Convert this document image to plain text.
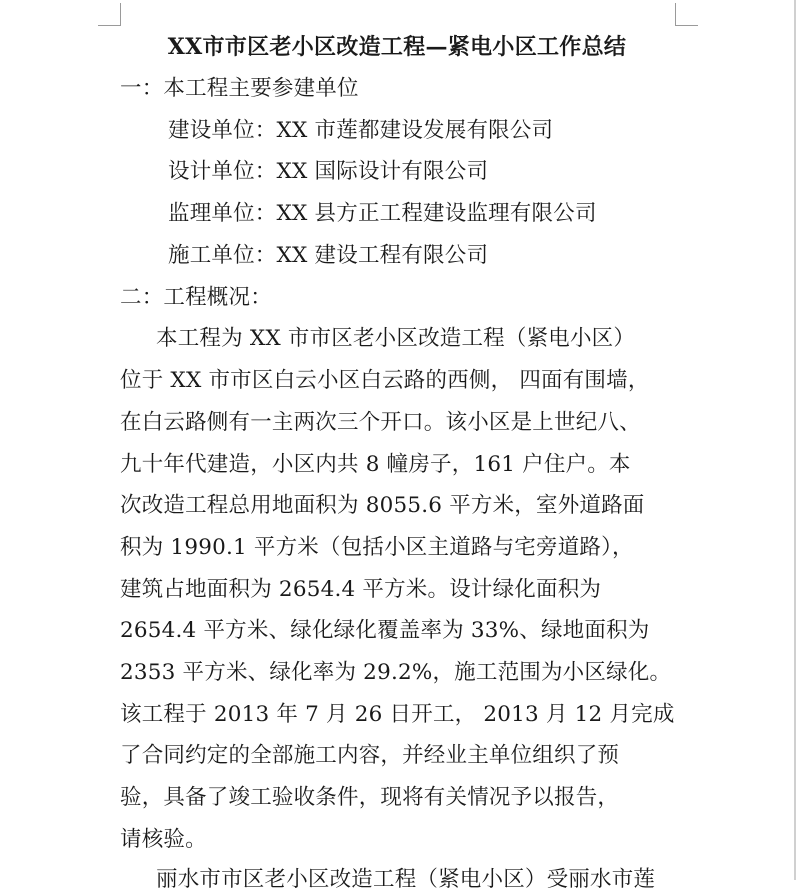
XX市市区老小区改造工程—紧电小区工作总结
一：本工程主要参建单位
建设单位：XX 市莲都建设发展有限公司
设计单位：XX 国际设计有限公司
监理单位：XX 县方正工程建设监理有限公司
施工单位：XX 建设工程有限公司
二：工程概况：
本工程为 XX 市市区老小区改造工程（紧电小区）
位于 XX 市市区白云小区白云路的西侧， 四面有围墙，
在白云路侧有一主两次三个开口。该小区是上世纪八、
九十年代建造，小区内共 8 幢房子，161 户住户。本
次改造工程总用地面积为 8055.6 平方米，室外道路面
积为 1990.1 平方米（包括小区主道路与宅旁道路），
建筑占地面积为 2654.4 平方米。设计绿化面积为
2654.4 平方米、绿化绿化覆盖率为 33%、绿地面积为
2353 平方米、绿化率为 29.2%，施工范围为小区绿化。
该工程于 2013 年 7 月 26 日开工， 2013 月 12 月完成
了合同约定的全部施工内容，并经业主单位组织了预
验，具备了竣工验收条件，现将有关情况予以报告，
请核验。
丽水市市区老小区改造工程（紧电小区）受丽水市莲
